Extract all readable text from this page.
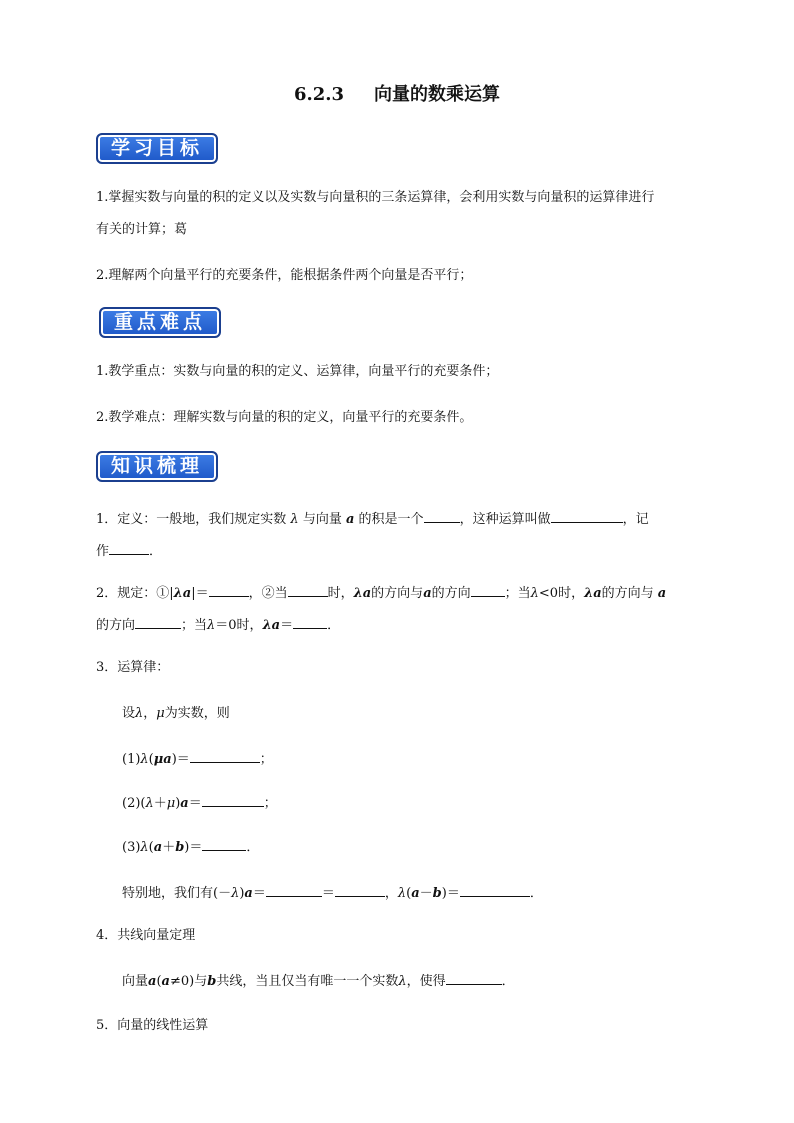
6.2.3 向量的数乘运算
学习目标
1.掌握实数与向量的积的定义以及实数与向量积的三条运算律，会利用实数与向量积的运算律进行
有关的计算；葛
2.理解两个向量平行的充要条件，能根据条件两个向量是否平行；
重点难点
1.教学重点：实数与向量的积的定义、运算律，向量平行的充要条件；
2.教学难点：理解实数与向量的积的定义，向量平行的充要条件。
知识梳理
1．定义：一般地，我们规定实数 λ 与向量 a 的积是一个	，这种运算叫做	，记
作	．
2．规定：①|λa|＝	，②当	时，λa的方向与a的方向	；当λ<0时，λa的方向与 a
的方向	；当λ＝0时，λa＝	．
3．运算律：
设λ，μ为实数，则
(1)λ(μa)＝	；
(2)(λ＋μ)a＝	；
(3)λ(a＋b)＝	．
特别地，我们有(－λ)a＝	＝	，λ(a－b)＝	．
4．共线向量定理
向量a(a≠0)与b共线，当且仅当有唯一一个实数λ，使得	．
5．向量的线性运算
